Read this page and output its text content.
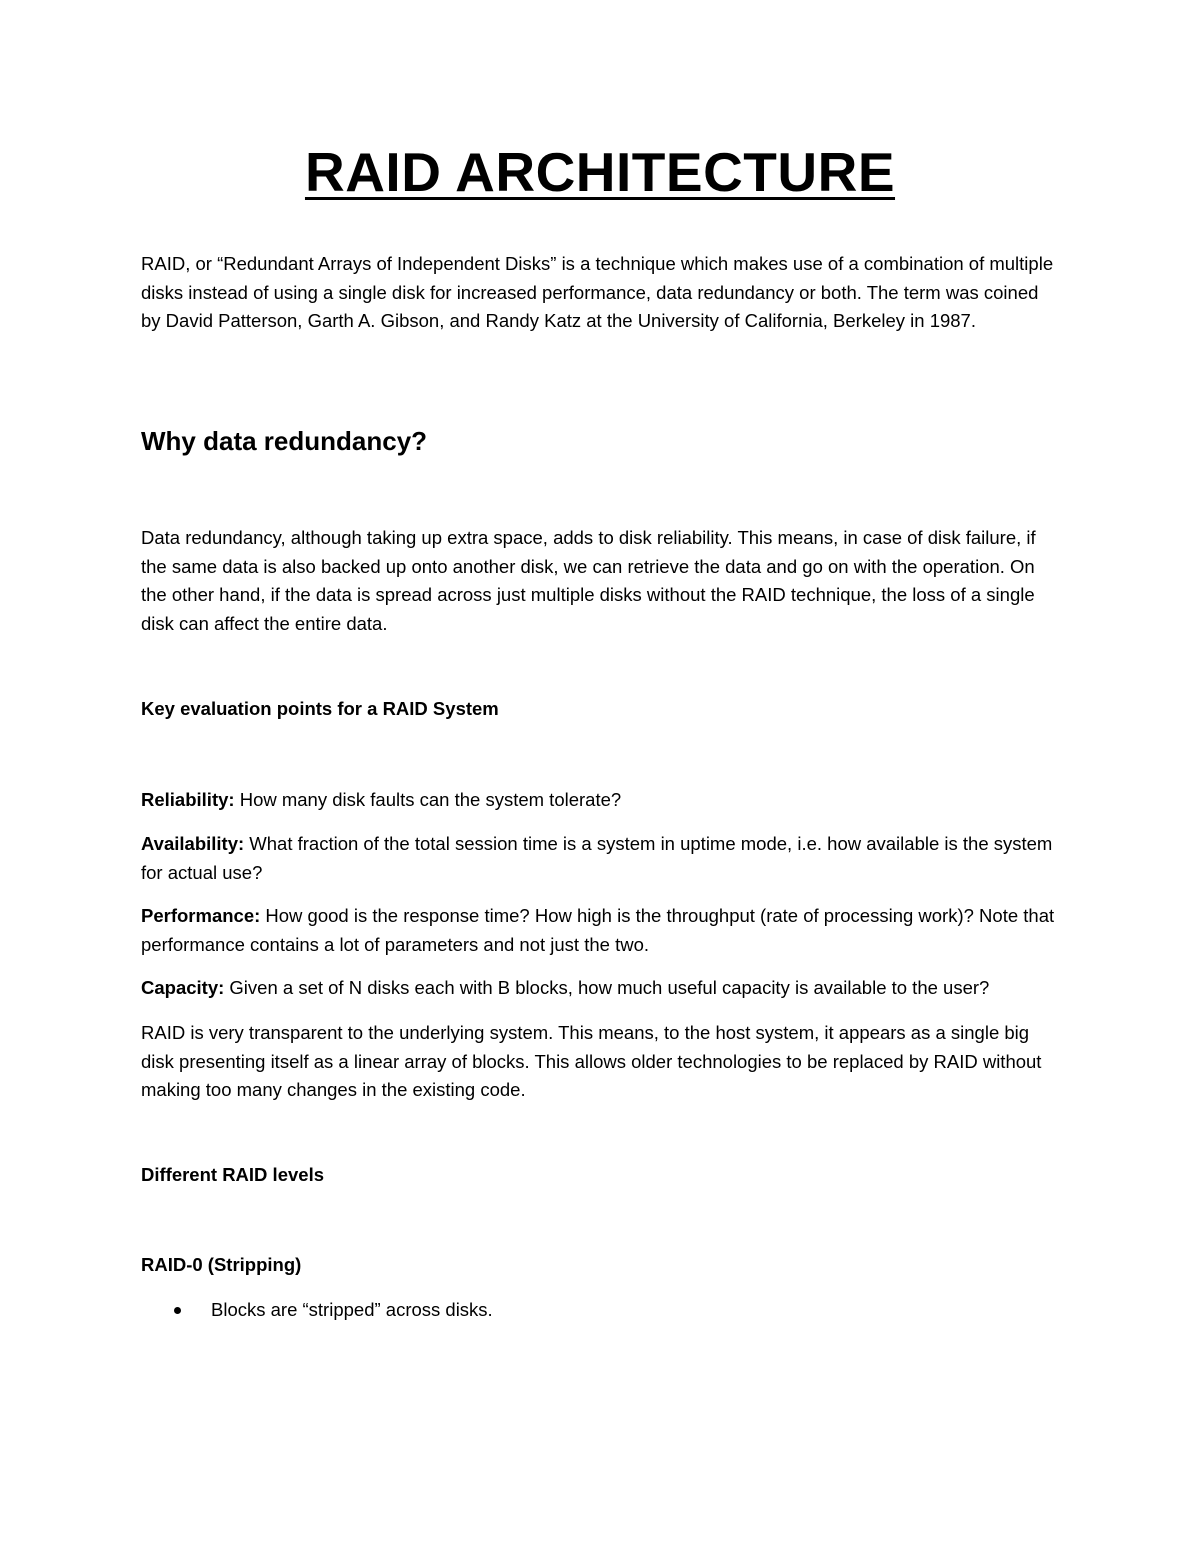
RAID ARCHITECTURE

RAID, or “Redundant Arrays of Independent Disks” is a technique which makes use of a combination of multiple disks instead of using a single disk for increased performance, data redundancy or both. The term was coined by David Patterson, Garth A. Gibson, and Randy Katz at the University of California, Berkeley in 1987.

Why data redundancy?

Data redundancy, although taking up extra space, adds to disk reliability. This means, in case of disk failure, if the same data is also backed up onto another disk, we can retrieve the data and go on with the operation. On the other hand, if the data is spread across just multiple disks without the RAID technique, the loss of a single disk can affect the entire data.

Key evaluation points for a RAID System

Reliability: How many disk faults can the system tolerate?

Availability: What fraction of the total session time is a system in uptime mode, i.e. how available is the system for actual use?

Performance: How good is the response time? How high is the throughput (rate of processing work)? Note that performance contains a lot of parameters and not just the two.

Capacity: Given a set of N disks each with B blocks, how much useful capacity is available to the user?

RAID is very transparent to the underlying system. This means, to the host system, it appears as a single big disk presenting itself as a linear array of blocks. This allows older technologies to be replaced by RAID without making too many changes in the existing code.

Different RAID levels
RAID-0 (Stripping)
Blocks are “stripped” across disks.
